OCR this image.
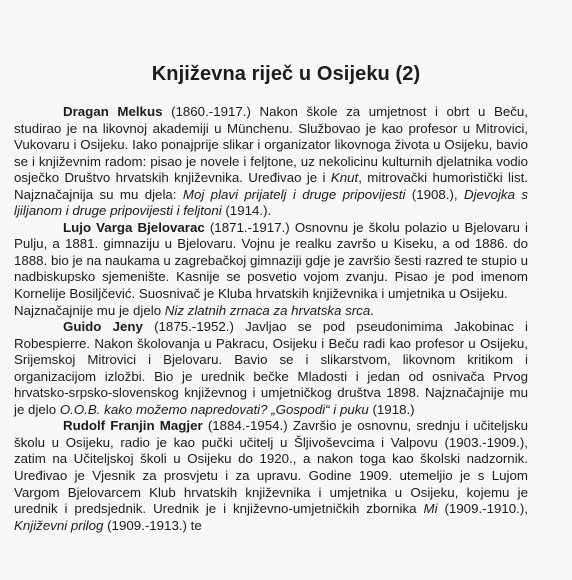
Književna riječ u Osijeku (2)

Dragan Melkus (1860.-1917.) Nakon škole za umjetnost i obrt u Beču, studirao je na likovnoj akademiji u Münchenu. Službovao je kao profesor u Mitrovici, Vukovaru i Osijeku. Iako ponajprije slikar i organizator likovnoga života u Osijeku, bavio se i književnim radom: pisao je novele i feljtone, uz nekolicinu kulturnih djelatnika vodio osječko Društvo hrvatskih književnika. Uređivao je i Knut, mitrovački humoristički list. Najznačajnija su mu djela: Moj plavi prijatelj i druge pripovijesti (1908.), Djevojka s ljiljanom i druge pripovijesti i feljtoni (1914.).

Lujo Varga Bjelovarac (1871.-1917.) Osnovnu je školu polazio u Bjelovaru i Pulju, a 1881. gimnaziju u Bjelovaru. Vojnu je realku završo u Kiseku, a od 1886. do 1888. bio je na naukama u zagrebačkoj gimnaziji gdje je završio šesti razred te stupio u nadbiskupsko sjemenište. Kasnije se posvetio vojom zvanju. Pisao je pod imenom Kornelije Bosiljčević. Suosnivač je Kluba hrvatskih književnika i umjetnika u Osijeku.

Najznačajnije mu je djelo Niz zlatnih zrnaca za hrvatska srca.

Guido Jeny (1875.-1952.) Javljao se pod pseudonimima Jakobinac i Robespierre. Nakon školovanja u Pakracu, Osijeku i Beču radi kao profesor u Osijeku, Srijemskoj Mitrovici i Bjelovaru. Bavio se i slikarstvom, likovnom kritikom i organizacijom izložbi. Bio je urednik bečke Mladosti i jedan od osnivača Prvog hrvatsko-srpsko-slovenskog književnog i umjetničkog društva 1898. Najznačajnije mu je djelo O.O.B. kako možemo napredovati? „Gospodi“ i puku (1918.)

Rudolf Franjin Magjer (1884.-1954.) Završio je osnovnu, srednju i učiteljsku školu u Osijeku, radio je kao pučki učitelj u Šljivoševcima i Valpovu (1903.-1909.), zatim na Učiteljskoj školi u Osijeku do 1920., a nakon toga kao školski nadzornik. Uređivao je Vjesnik za prosvjetu i za upravu. Godine 1909. utemeljio je s Lujom Vargom Bjelovarcem Klub hrvatskih književnika i umjetnika u Osijeku, kojemu je urednik i predsjednik. Urednik je i književno-umjetničkih zbornika Mi (1909.-1910.), Književni prilog (1909.-1913.) te
